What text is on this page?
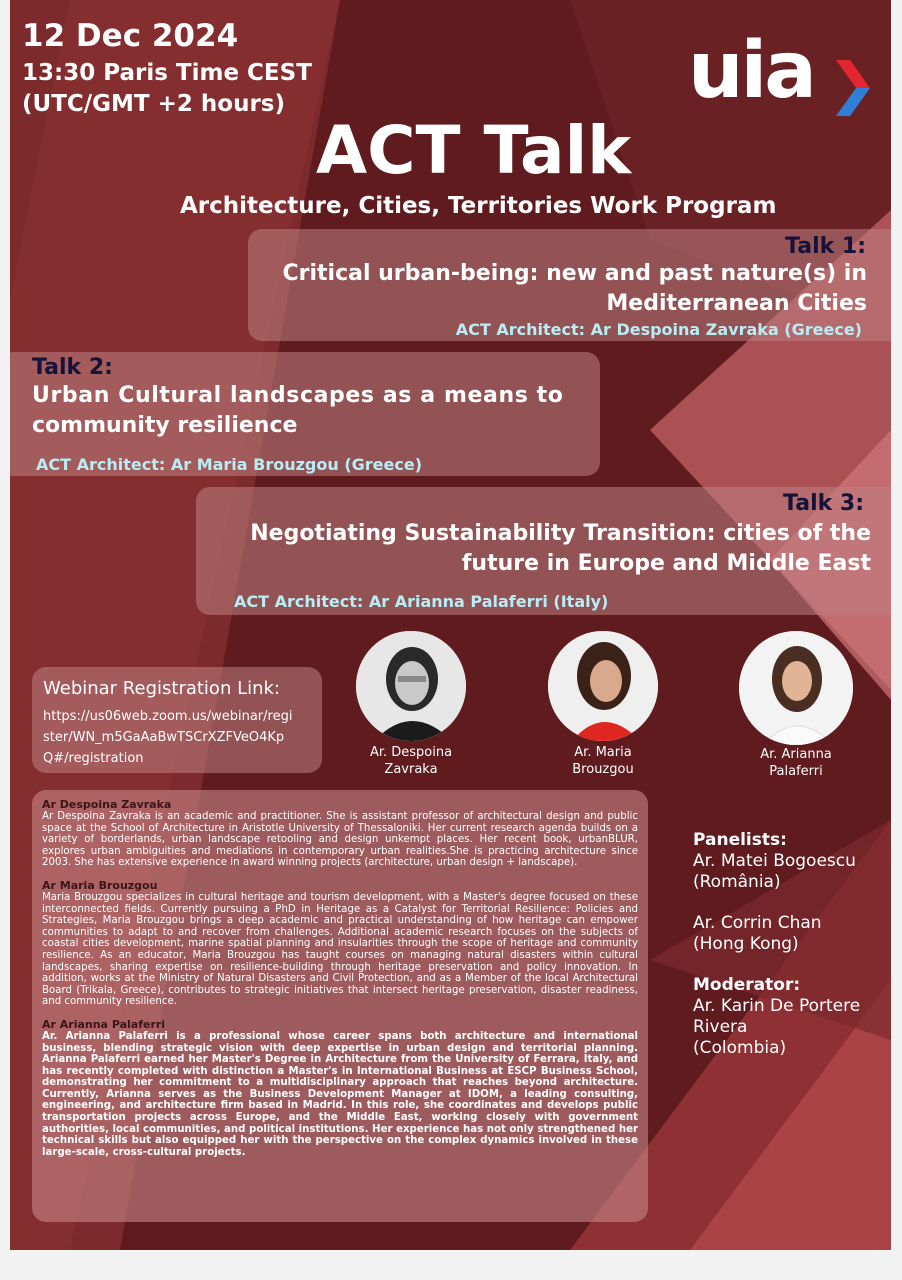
12 Dec 2024
13:30 Paris Time CEST
(UTC/GMT +2 hours)	uia
ACT Talk
Architecture, Cities, Territories Work Program
Talk 1:
Critical urban-being: new and past nature(s) in
Mediterranean Cities
ACT Architect: Ar Despoina Zavraka (Greece)
Talk 2:
Urban Cultural landscapes as a means to
community resilience
ACT Architect: Ar Maria Brouzgou (Greece)
Talk 3:
Negotiating Sustainability Transition: cities of the
future in Europe and Middle East
ACT Architect: Ar Arianna Palaferri (Italy)
Webinar Registration Link:
https://us06web.zoom.us/webinar/regi
ster/WN_m5GaAaBwTSCrXZFVeO4Kp
Q#/registration	Ar. Despoina
Zavraka
Ar. Maria
Brouzgou
Ar. Arianna
Palaferri

Ar Despoina Zavraka

Ar Despoina Zavraka is an academic and practitioner. She is assistant professor of architectural design and public space at the School of Architecture in Aristotle University of Thessaloniki. Her current research agenda builds on a variety of borderlands, urban landscape retooling and design unkempt places. Her recent book, urbanBLUR, explores urban ambiguities and mediations in contemporary urban realities.She is practicing architecture since 2003. She has extensive experience in award winning projects (architecture, urban design + landscape).

Ar Maria Brouzgou

Maria Brouzgou specializes in cultural heritage and tourism development, with a Master's degree focused on these interconnected fields. Currently pursuing a PhD in Heritage as a Catalyst for Territorial Resilience: Policies and Strategies, Maria Brouzgou brings a deep academic and practical understanding of how heritage can empower communities to adapt to and recover from challenges. Additional academic research focuses on the subjects of coastal cities development, marine spatial planning and insularities through the scope of heritage and community resilience. As an educator, Maria Brouzgou has taught courses on managing natural disasters within cultural landscapes, sharing expertise on resilience-building through heritage preservation and policy innovation. In addition, works at the Ministry of Natural Disasters and Civil Protection, and as a Member of the local Architectural Board (Trikala, Greece), contributes to strategic initiatives that intersect heritage preservation, disaster readiness, and community resilience.

Ar Arianna Palaferri

Ar. Arianna Palaferri is a professional whose career spans both architecture and international business, blending strategic vision with deep expertise in urban design and territorial planning. Arianna Palaferri earned her Master's Degree in Architecture from the University of Ferrara, Italy, and has recently completed with distinction a Master's in International Business at ESCP Business School, demonstrating her commitment to a multidisciplinary approach that reaches beyond architecture. Currently, Arianna serves as the Business Development Manager at IDOM, a leading consulting, engineering, and architecture firm based in Madrid. In this role, she coordinates and develops public transportation projects across Europe, and the Middle East, working closely with government authorities, local communities, and political institutions. Her experience has not only strengthened her technical skills but also equipped her with the perspective on the complex dynamics involved in these large-scale, cross-cultural projects.

Panelists:
Ar. Matei Bogoescu
(România)
Ar. Corrin Chan
(Hong Kong)
Moderator:
Ar. Karin De Portere
Rivera
(Colombia)
